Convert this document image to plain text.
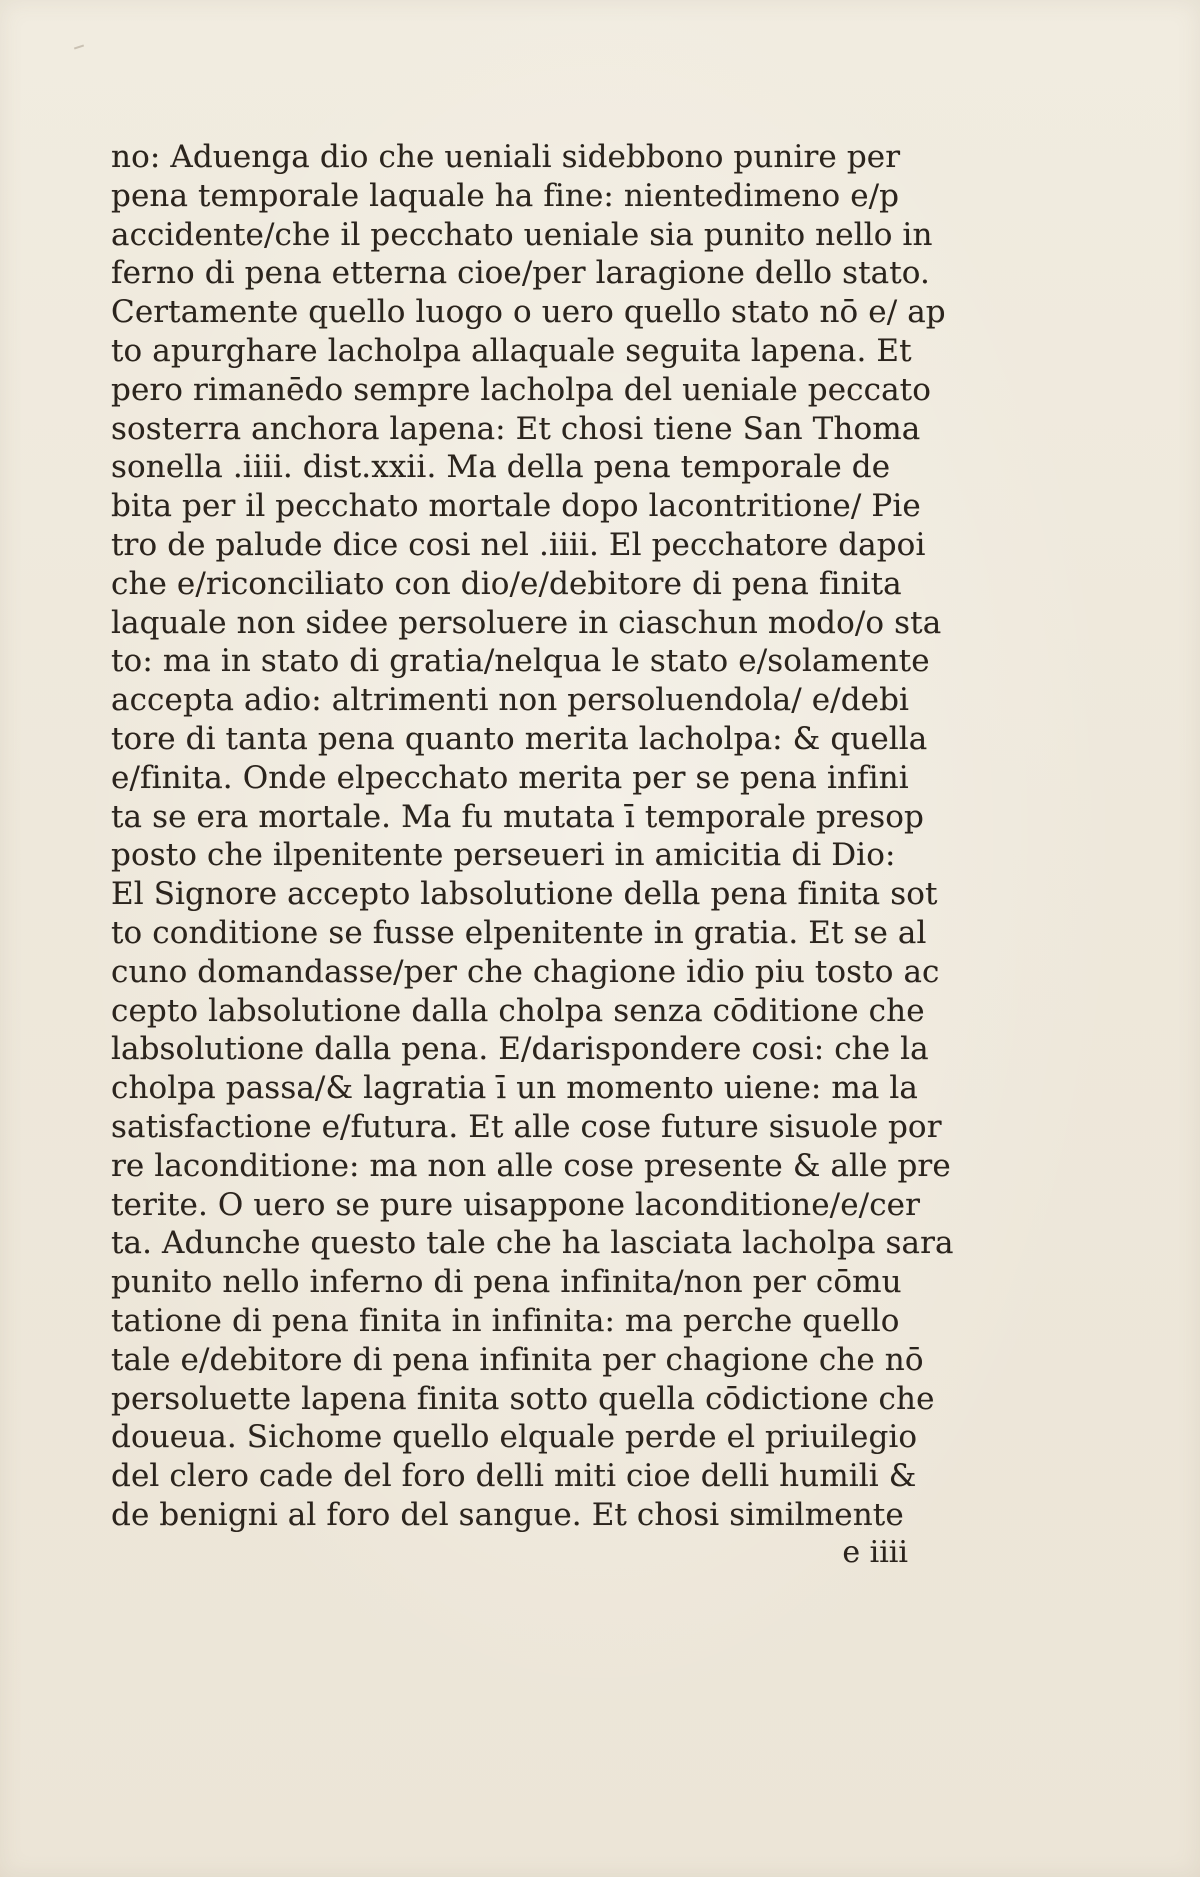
no: Aduenga dio che ueniali sidebbono punire per

pena temporale laquale ha fine: nientedimeno e/p

accidente/che il pecchato ueniale sia punito nello in

ferno di pena etterna cioe/per laragione dello stato.

Certamente quello luogo o uero quello stato nō e/ ap

to apurghare lacholpa allaquale seguita lapena. Et

pero rimanēdo sempre lacholpa del ueniale peccato

sosterra anchora lapena: Et chosi tiene San Thoma

sonella .iiii. dist.xxii. Ma della pena temporale de

bita per il pecchato mortale dopo lacontritione/ Pie

tro de palude dice cosi nel .iiii. El pecchatore dapoi

che e/riconciliato con dio/e/debitore di pena finita

laquale non sidee persoluere in ciaschun modo/o sta

to: ma in stato di gratia/nelqua le stato e/solamente

accepta adio: altrimenti non persoluendola/ e/debi

tore di tanta pena quanto merita lacholpa: & quella

e/finita. Onde elpecchato merita per se pena infini

ta se era mortale. Ma fu mutata ī temporale presop

posto che ilpenitente perseueri in amicitia di Dio:

El Signore accepto labsolutione della pena finita sot

to conditione se fusse elpenitente in gratia. Et se al

cuno domandasse/per che chagione idio piu tosto ac

cepto labsolutione dalla cholpa senza cōditione che

labsolutione dalla pena. E/darispondere cosi: che la

cholpa passa/& lagratia ī un momento uiene: ma la

satisfactione e/futura. Et alle cose future sisuole por

re laconditione: ma non alle cose presente & alle pre

terite. O uero se pure uisappone laconditione/e/cer

ta. Adunche questo tale che ha lasciata lacholpa sara

punito nello inferno di pena infinita/non per cōmu

tatione di pena finita in infinita: ma perche quello

tale e/debitore di pena infinita per chagione che nō

persoluette lapena finita sotto quella cōdictione che

doueua. Sichome quello elquale perde el priuilegio

del clero cade del foro delli miti cioe delli humili &

de benigni al foro del sangue. Et chosi similmente

e iiii
